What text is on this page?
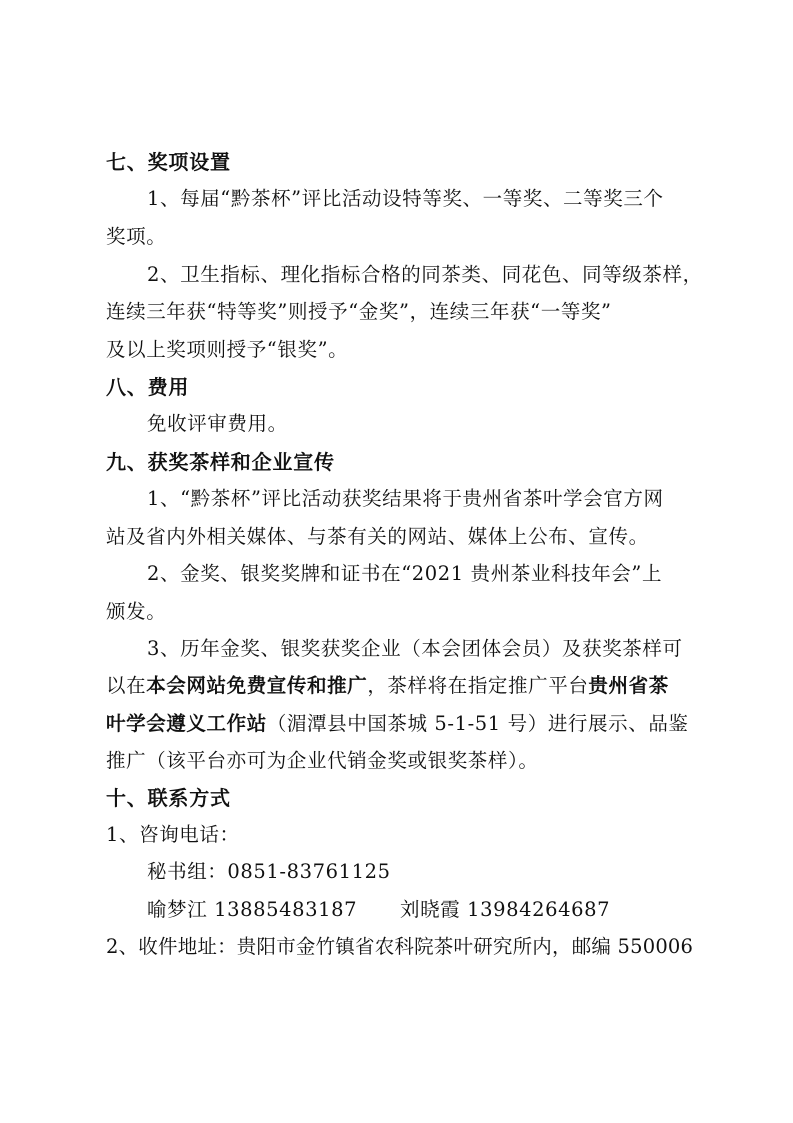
七、奖项设置
1、每届“黔茶杯”评比活动设特等奖、一等奖、二等奖三个
奖项。
2、卫生指标、理化指标合格的同茶类、同花色、同等级茶样，
连续三年获“特等奖”则授予“金奖”，连续三年获“一等奖”
及以上奖项则授予“银奖”。
八、费用
免收评审费用。
九、获奖茶样和企业宣传
1、“黔茶杯”评比活动获奖结果将于贵州省茶叶学会官方网
站及省内外相关媒体、与茶有关的网站、媒体上公布、宣传。
2、金奖、银奖奖牌和证书在“2021 贵州茶业科技年会”上
颁发。
3、历年金奖、银奖获奖企业（本会团体会员）及获奖茶样可
以在本会网站免费宣传和推广，茶样将在指定推广平台贵州省茶
叶学会遵义工作站（湄潭县中国茶城 5-1-51 号）进行展示、品鉴
推广（该平台亦可为企业代销金奖或银奖茶样）。
十、联系方式
1、咨询电话：
秘书组：0851-83761125
喻梦江 13885483187	刘晓霞 13984264687
2、收件地址：贵阳市金竹镇省农科院茶叶研究所内，邮编 550006
